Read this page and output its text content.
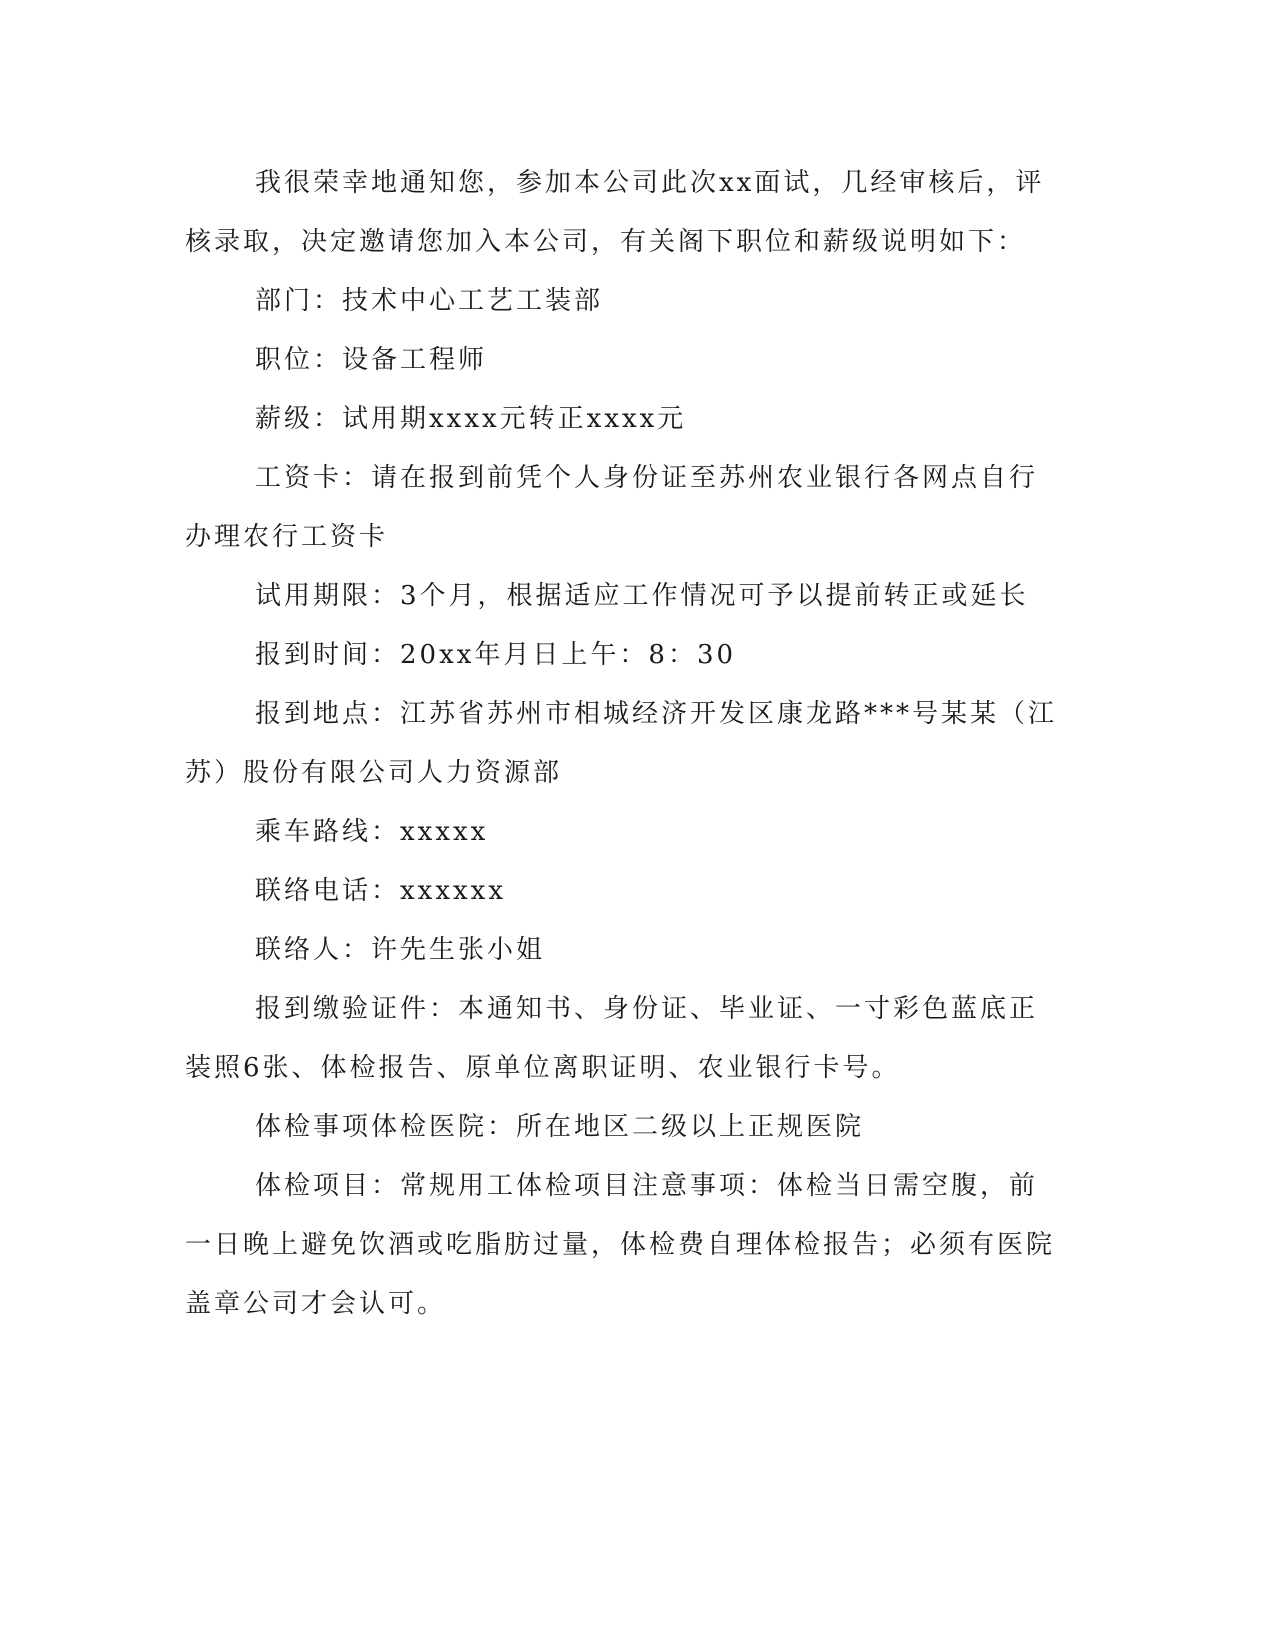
我很荣幸地通知您，参加本公司此次xx面试，几经审核后，评核录取，决定邀请您加入本公司，有关阁下职位和薪级说明如下：

部门：技术中心工艺工装部

职位：设备工程师

薪级：试用期xxxx元转正xxxx元

工资卡：请在报到前凭个人身份证至苏州农业银行各网点自行办理农行工资卡

试用期限：3个月，根据适应工作情况可予以提前转正或延长

报到时间：20xx年月日上午：8：30

报到地点：江苏省苏州市相城经济开发区康龙路***号某某（江苏）股份有限公司人力资源部

乘车路线：xxxxx

联络电话：xxxxxx

联络人：许先生张小姐

报到缴验证件：本通知书、身份证、毕业证、一寸彩色蓝底正装照6张、体检报告、原单位离职证明、农业银行卡号。

体检事项体检医院：所在地区二级以上正规医院

体检项目：常规用工体检项目注意事项：体检当日需空腹，前一日晚上避免饮酒或吃脂肪过量，体检费自理体检报告；必须有医院盖章公司才会认可。
